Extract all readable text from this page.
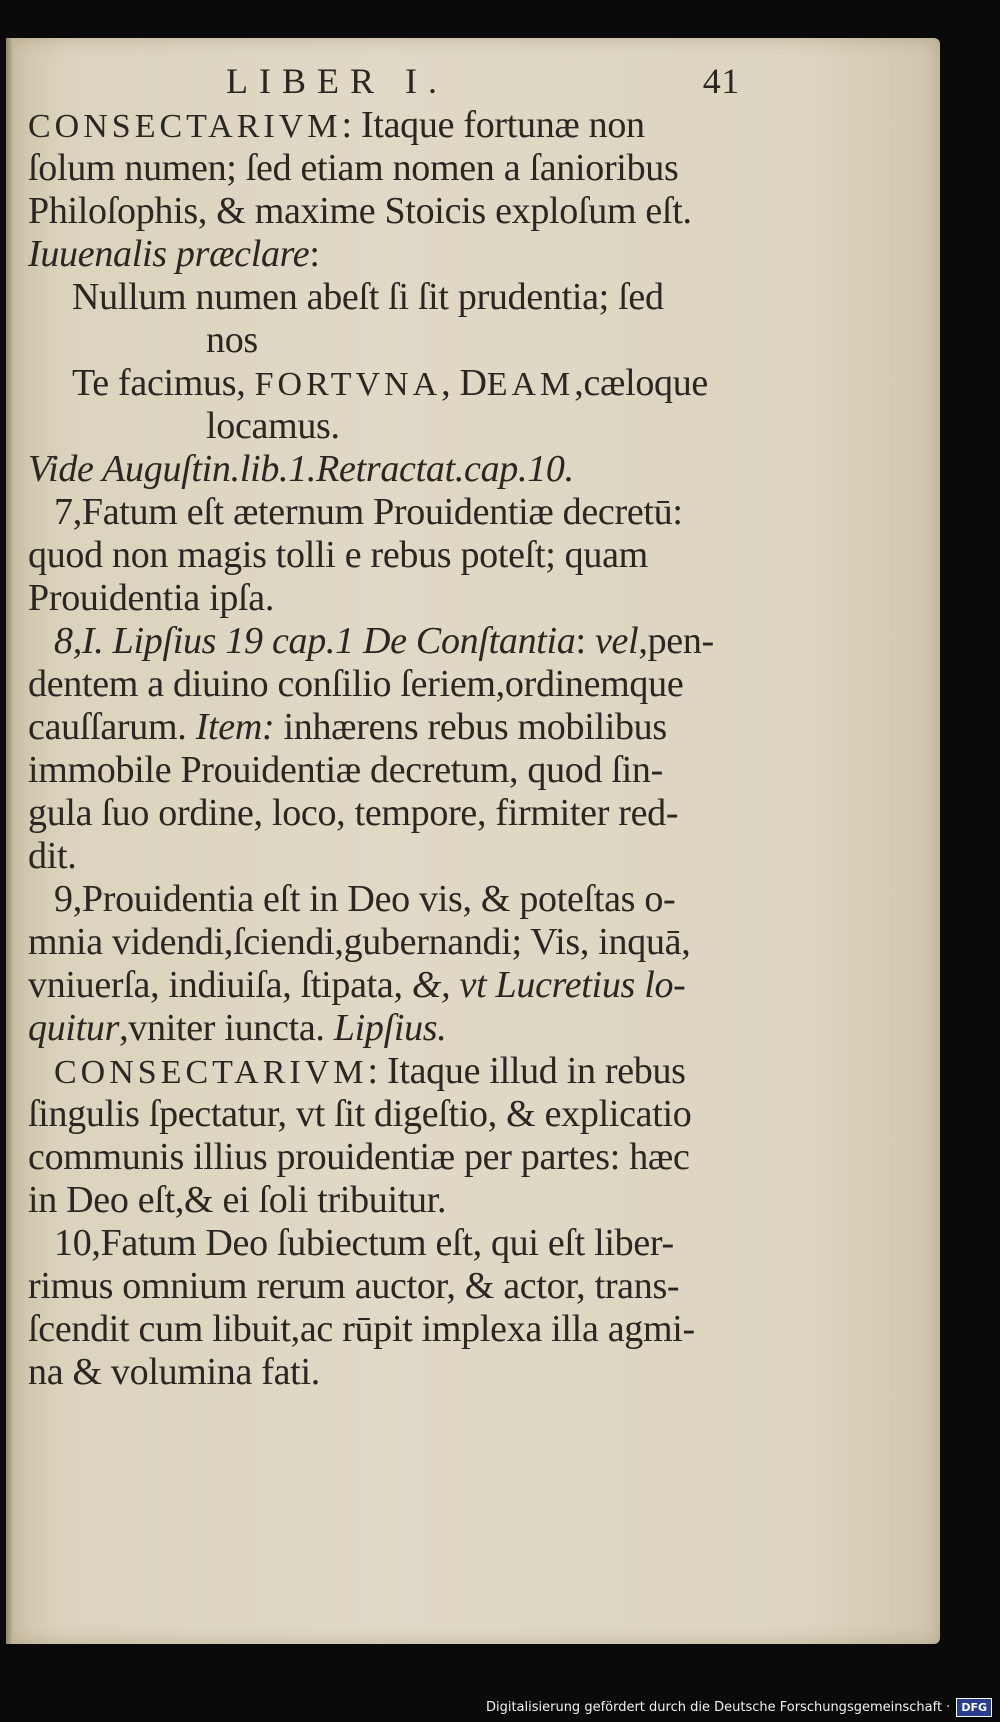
LIBER I.	41
CONSECTARIVM: Itaque fortunæ non
ſolum numen; ſed etiam nomen a ſanioribus
Philoſophis, & maxime Stoicis exploſum eſt.
Iuuenalis præclare:
Nullum numen abeſt ſi ſit prudentia; ſed
nos
Te facimus, FORTVNA, DEAM,cæloque
locamus.
Vide Auguſtin.lib.1.Retractat.cap.10.
7,Fatum eſt æternum Prouidentiæ decretū:
quod non magis tolli e rebus poteſt; quam
Prouidentia ipſa.
8,I. Lipſius 19 cap.1 De Conſtantia: vel,pen-
dentem a diuino conſilio ſeriem,ordinemque
cauſſarum. Item: inhærens rebus mobilibus
immobile Prouidentiæ decretum, quod ſin-
gula ſuo ordine, loco, tempore, firmiter red-
dit.
9,Prouidentia eſt in Deo vis, & poteſtas o-
mnia videndi,ſciendi,gubernandi; Vis, inquā,
vniuerſa, indiuiſa, ſtipata, &, vt Lucretius lo-
quitur,vniter iuncta. Lipſius.
CONSECTARIVM: Itaque illud in rebus
ſingulis ſpectatur, vt ſit digeſtio, & explicatio
communis illius prouidentiæ per partes: hæc
in Deo eſt,& ei ſoli tribuitur.
10,Fatum Deo ſubiectum eſt, qui eſt liber-
rimus omnium rerum auctor, & actor, trans-
ſcendit cum libuit,ac rūpit implexa illa agmi-
na & volumina fati.
Digitalisierung gefördert durch die Deutsche Forschungsgemeinschaft ·	DFG
